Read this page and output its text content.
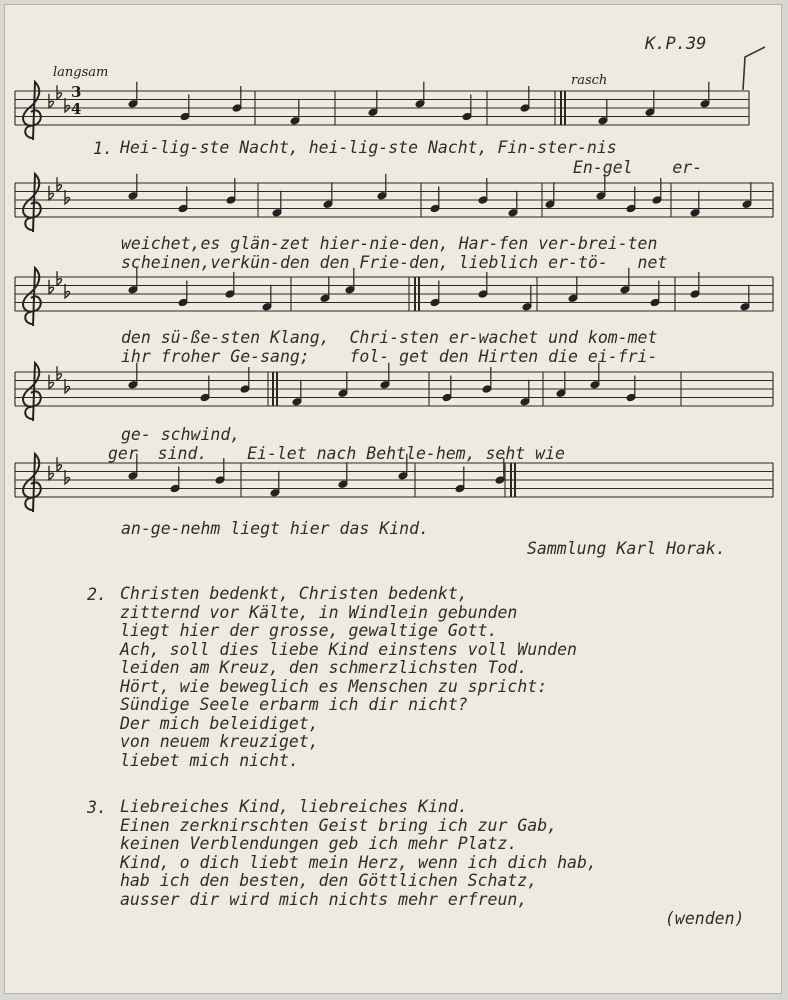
K.P.39

langsam

rasch

3
4

1. Hei-lig-ste Nacht, hei-lig-ste Nacht, Fin-ster-nis

En-gel    er-

weichet,es glän-zet hier-nie-den, Har-fen ver-brei-ten

scheinen,verkün-den den Frie-den, lieblich er-tö-   net

den sü-ße-sten Klang,  Chri-sten er-wachet und kom-met

ihr froher Ge-sang;    fol- get den Hirten die ei-fri-

ge- schwind,

ger  sind.    Ei-let nach Behtle-hem, seht wie

an-ge-nehm liegt hier das Kind.

Sammlung Karl Horak.

2. Christen bedenkt, Christen bedenkt,

zitternd vor Kälte, in Windlein gebunden

liegt hier der grosse, gewaltige Gott.

Ach, soll dies liebe Kind einstens voll Wunden

leiden am Kreuz, den schmerzlichsten Tod.

Hört, wie beweglich es Menschen zu spricht:

Sündige Seele erbarm ich dir nicht?

Der mich beleidiget,

von neuem kreuziget,

liebet mich nicht.

3. Liebreiches Kind, liebreiches Kind.

Einen zerknirschten Geist bring ich zur Gab,

keinen Verblendungen geb ich mehr Platz.

Kind, o dich liebt mein Herz, wenn ich dich hab,

hab ich den besten, den Göttlichen Schatz,

ausser dir wird mich nichts mehr erfreun,

(wenden)
